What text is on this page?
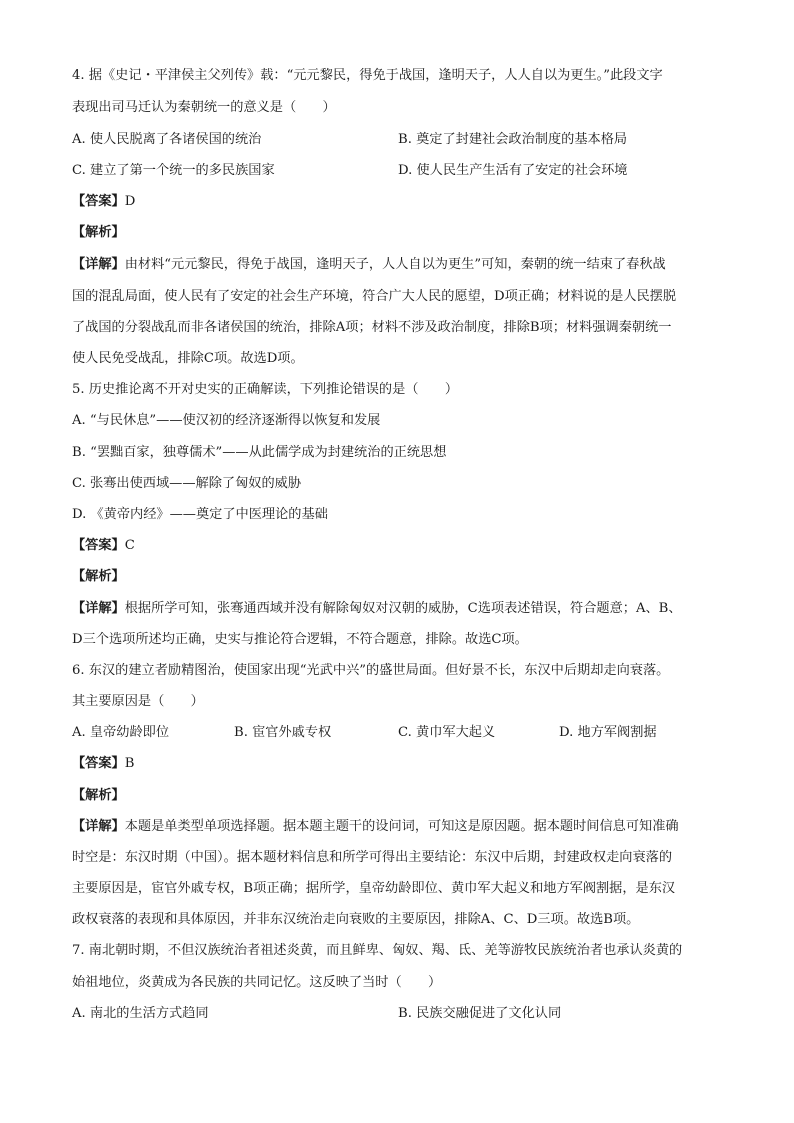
4. 据《史记・平津侯主父列传》载：“元元黎民，得免于战国，逢明天子，人人自以为更生。”此段文字
表现出司马迁认为秦朝统一的意义是（　　）
A. 使人民脱离了各诸侯国的统治	B. 奠定了封建社会政治制度的基本格局
C. 建立了第一个统一的多民族国家	D. 使人民生产生活有了安定的社会环境
【答案】D
【解析】
【详解】由材料“元元黎民，得免于战国，逢明天子，人人自以为更生”可知，秦朝的统一结束了春秋战
国的混乱局面，使人民有了安定的社会生产环境，符合广大人民的愿望，D项正确；材料说的是人民摆脱
了战国的分裂战乱而非各诸侯国的统治，排除A项；材料不涉及政治制度，排除B项；材料强调秦朝统一
使人民免受战乱，排除C项。故选D项。
5. 历史推论离不开对史实的正确解读，下列推论错误的是（　　）
A. “与民休息”——使汉初的经济逐渐得以恢复和发展
B. “罢黜百家，独尊儒术”——从此儒学成为封建统治的正统思想
C. 张骞出使西域——解除了匈奴的威胁
D. 《黄帝内经》——奠定了中医理论的基础
【答案】C
【解析】
【详解】根据所学可知，张骞通西域并没有解除匈奴对汉朝的威胁，C选项表述错误，符合题意；A、B、
D三个选项所述均正确，史实与推论符合逻辑，不符合题意，排除。故选C项。
6. 东汉的建立者励精图治，使国家出现“光武中兴”的盛世局面。但好景不长，东汉中后期却走向衰落。
其主要原因是（　　）
A. 皇帝幼龄即位	B. 宦官外戚专权	C. 黄巾军大起义	D. 地方军阀割据
【答案】B
【解析】
【详解】本题是单类型单项选择题。据本题主题干的设问词，可知这是原因题。据本题时间信息可知准确
时空是：东汉时期（中国）。据本题材料信息和所学可得出主要结论：东汉中后期，封建政权走向衰落的
主要原因是，宦官外戚专权，B项正确；据所学，皇帝幼龄即位、黄巾军大起义和地方军阀割据，是东汉
政权衰落的表现和具体原因，并非东汉统治走向衰败的主要原因，排除A、C、D三项。故选B项。
7. 南北朝时期，不但汉族统治者祖述炎黄，而且鲜卑、匈奴、羯、氐、羌等游牧民族统治者也承认炎黄的
始祖地位，炎黄成为各民族的共同记忆。这反映了当时（　　）
A. 南北的生活方式趋同	B. 民族交融促进了文化认同
